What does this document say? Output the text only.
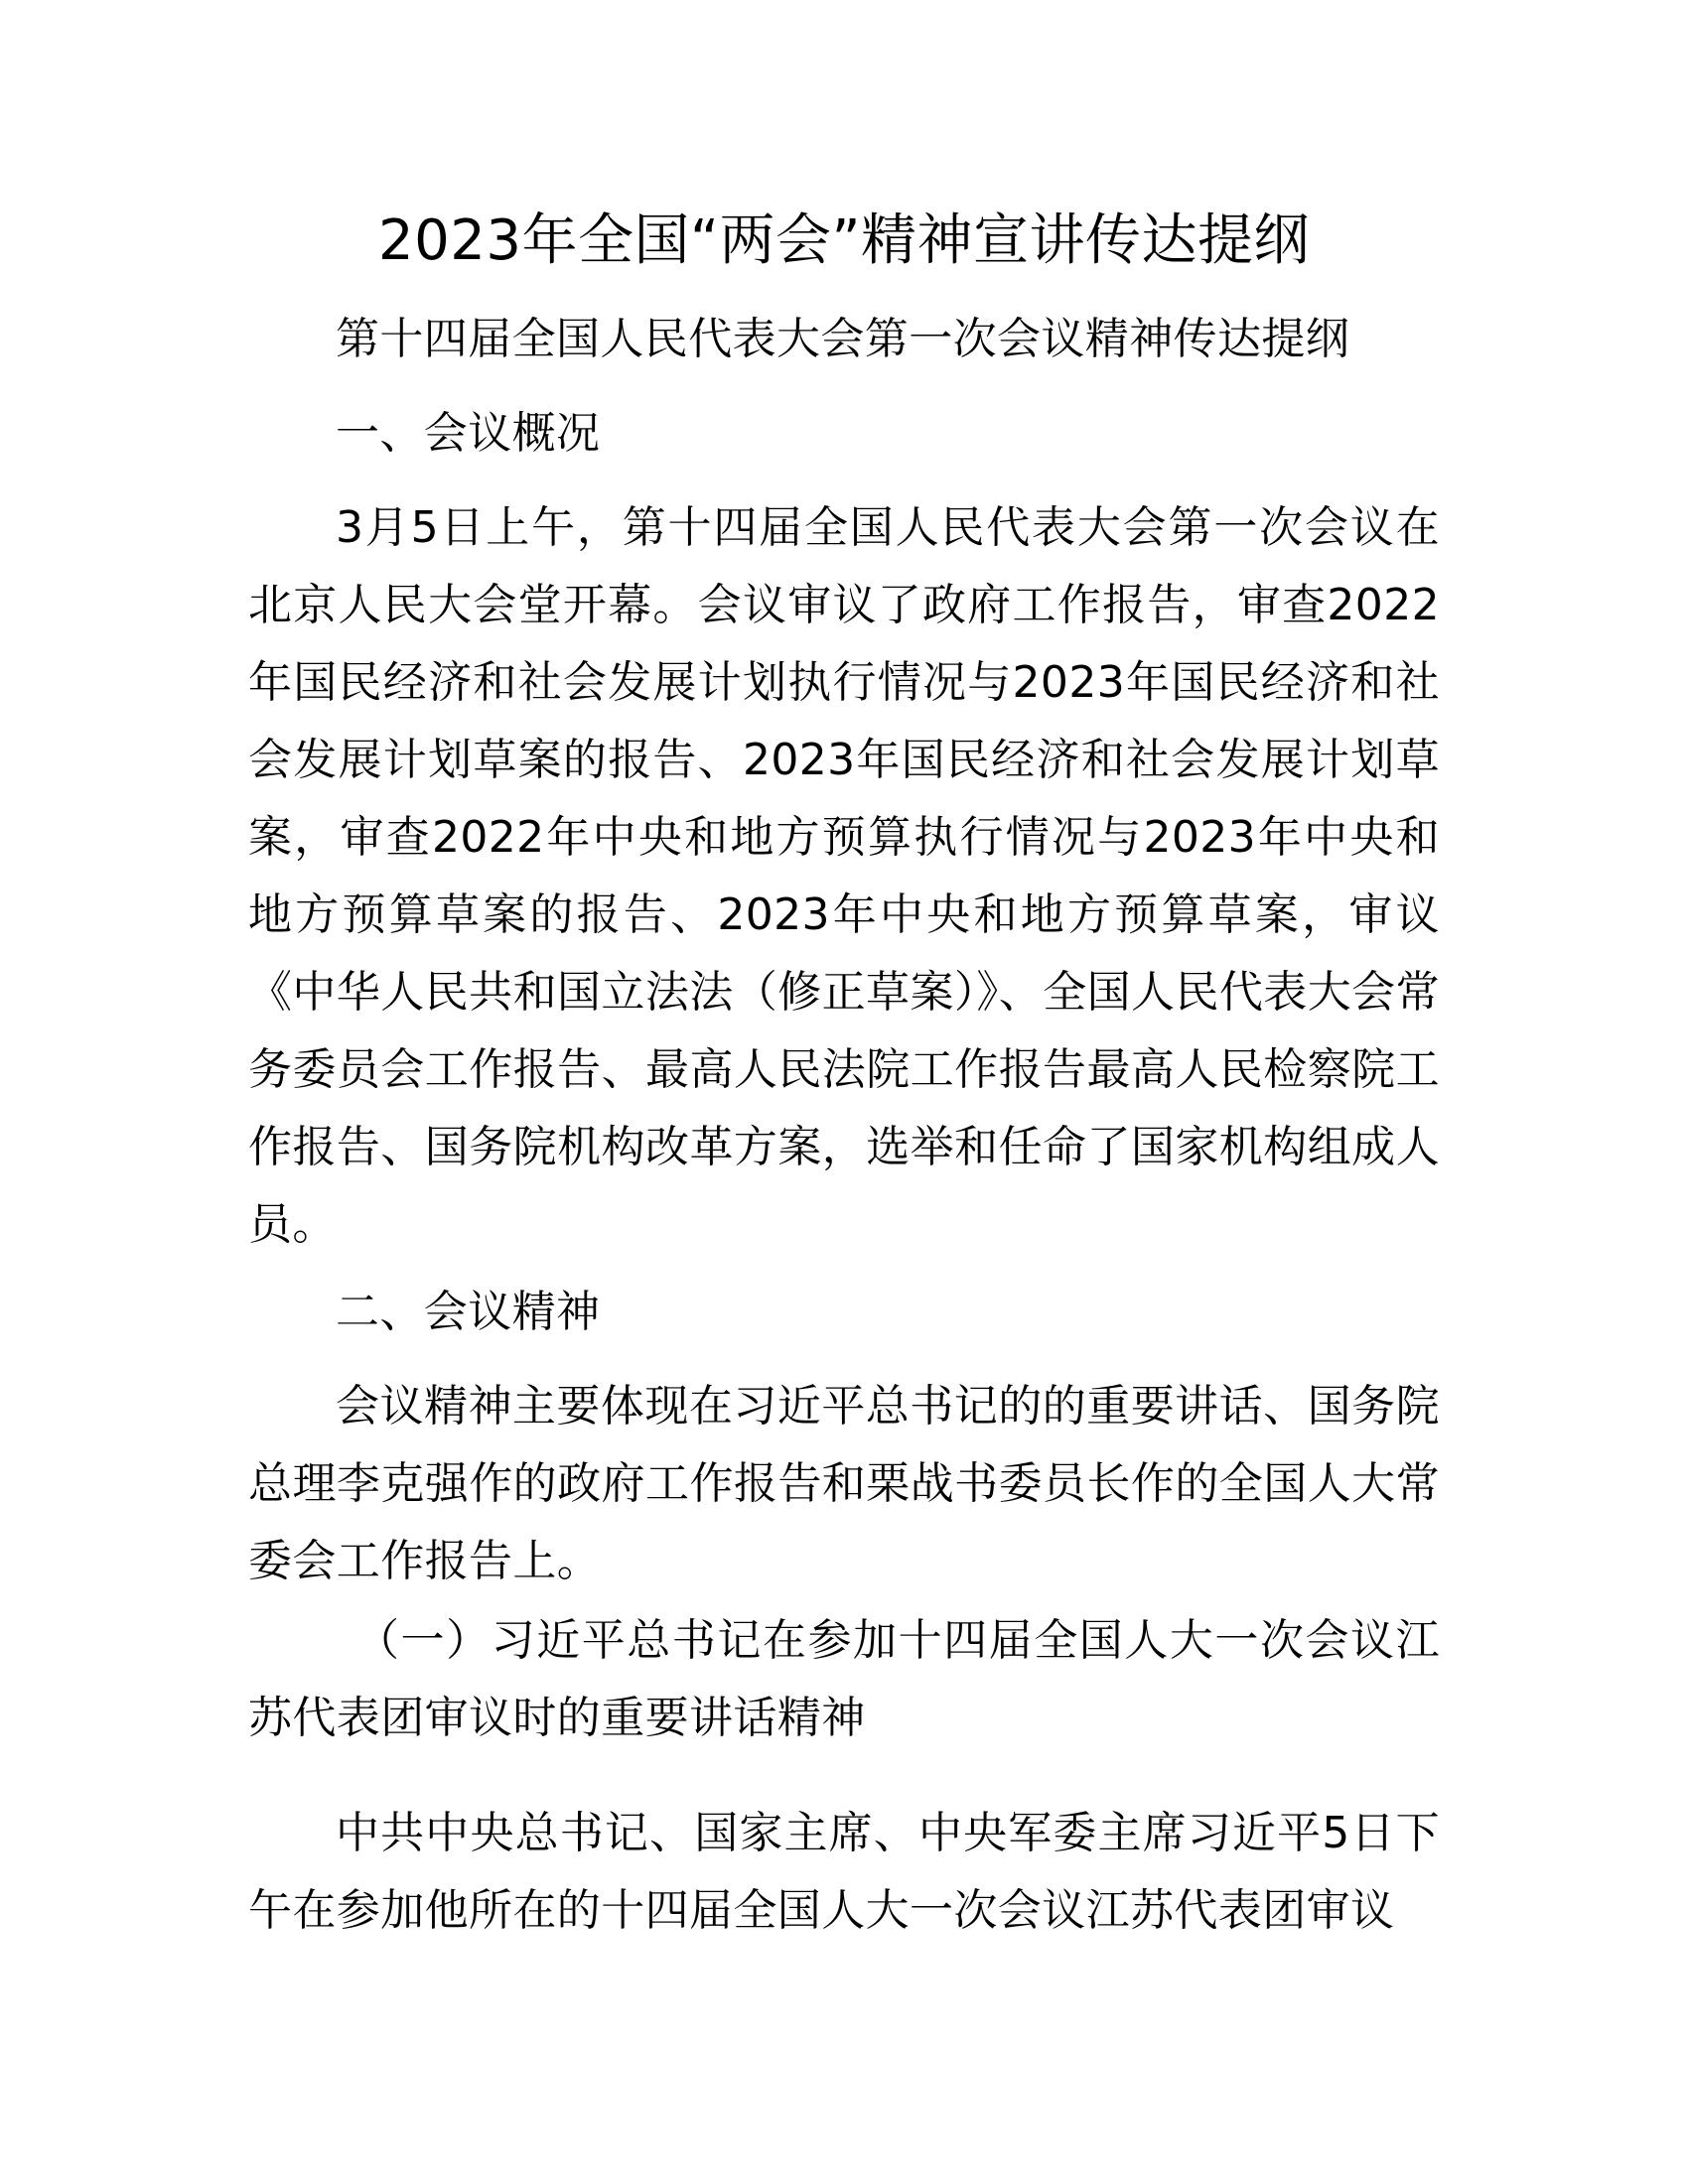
2023年全国“两会”精神宣讲传达提纲
第十四届全国人民代表大会第一次会议精神传达提纲
一、会议概况
3月5日上午，第十四届全国人民代表大会第一次会议在北京人民大会堂开幕。会议审议了政府工作报告，审查2022年国民经济和社会发展计划执行情况与2023年国民经济和社会发展计划草案的报告、2023年国民经济和社会发展计划草案，审查2022年中央和地方预算执行情况与2023年中央和地方预算草案的报告、2023年中央和地方预算草案，审议《中华人民共和国立法法（修正草案）》、全国人民代表大会常务委员会工作报告、最高人民法院工作报告最高人民检察院工作报告、国务院机构改革方案，选举和任命了国家机构组成人员。
二、会议精神
会议精神主要体现在习近平总书记的的重要讲话、国务院总理李克强作的政府工作报告和栗战书委员长作的全国人大常委会工作报告上。
（一）习近平总书记在参加十四届全国人大一次会议江苏代表团审议时的重要讲话精神
中共中央总书记、国家主席、中央军委主席习近平5日下午在参加他所在的十四届全国人大一次会议江苏代表团审议
